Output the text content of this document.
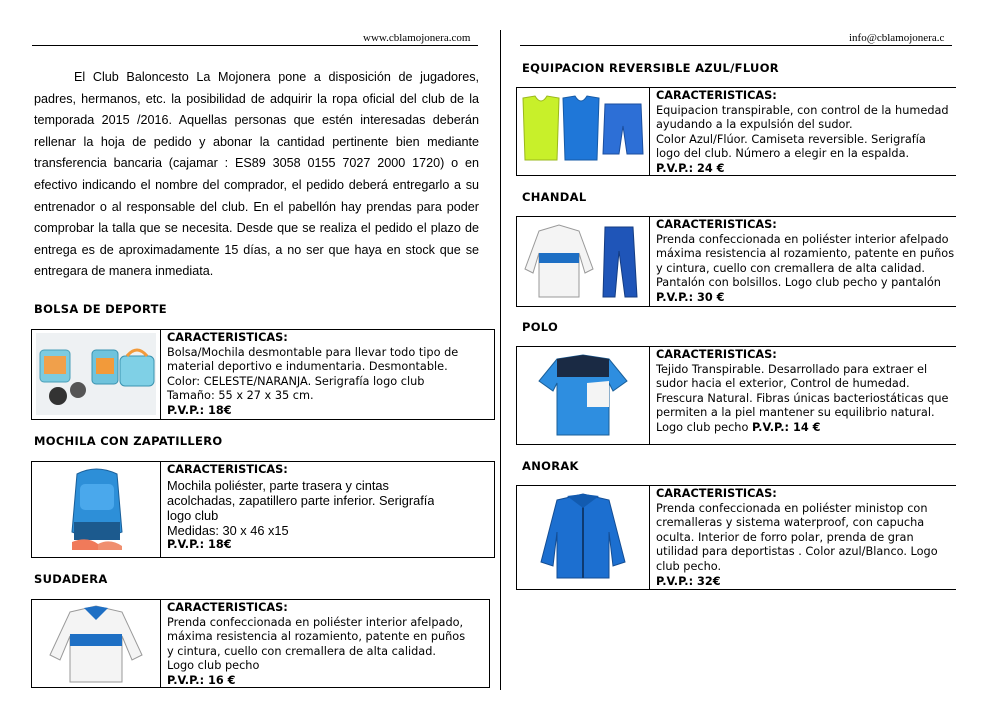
www.cblamojonera.com	info@cblamojonera.c
El Club Baloncesto La Mojonera pone a disposición de jugadores, padres, hermanos, etc. la posibilidad de adquirir la ropa oficial del club de la temporada 2015 /2016. Aquellas personas que estén interesadas deberán rellenar la hoja de pedido y abonar la cantidad pertinente bien mediante transferencia bancaria (cajamar : ES89 3058 0155 7027 2000 1720) o en efectivo indicando el nombre del comprador, el pedido deberá entregarlo a su entrenador o al responsable del club. En el pabellón hay prendas para poder comprobar la talla que se necesita. Desde que se realiza el pedido el plazo de entrega es de aproximadamente 15 días, a no ser que haya en stock que se entregara de manera inmediata.
BOLSA DE DEPORTE
CARACTERISTICAS:
Bolsa/Mochila desmontable para llevar todo tipo de
material deportivo e indumentaria. Desmontable.
Color: CELESTE/NARANJA. Serigrafía logo club
Tamaño: 55 x 27 x 35 cm.
P.V.P.: 18€
MOCHILA CON ZAPATILLERO
CARACTERISTICAS:
Mochila poliéster, parte trasera y cintas
acolchadas, zapatillero parte inferior. Serigrafía
logo club
Medidas: 30 x 46 x15
P.V.P.: 18€
SUDADERA
CARACTERISTICAS:
Prenda confeccionada en poliéster interior afelpado,
máxima resistencia al rozamiento, patente en puños
y cintura, cuello con cremallera de alta calidad.
Logo club pecho
P.V.P.: 16 €
EQUIPACION REVERSIBLE AZUL/FLUOR
CARACTERISTICAS:
Equipacion transpirable, con control de la humedad
ayudando a la expulsión del sudor.
Color Azul/Flúor. Camiseta reversible. Serigrafía
logo del club. Número a elegir en la espalda.
P.V.P.: 24 €
CHANDAL
CARACTERISTICAS:
Prenda confeccionada en poliéster interior afelpado
máxima resistencia al rozamiento, patente en puños
y cintura, cuello con cremallera de alta calidad.
Pantalón con bolsillos. Logo club pecho y pantalón
P.V.P.: 30 €
POLO
CARACTERISTICAS:
Tejido Transpirable. Desarrollado para extraer el
sudor hacia el exterior, Control de humedad.
Frescura Natural. Fibras únicas bacteriostáticas que
permiten a la piel mantener su equilibrio natural.
Logo club pecho P.V.P.: 14 €
ANORAK
CARACTERISTICAS:
Prenda confeccionada en poliéster ministop con
cremalleras y sistema waterproof, con capucha
oculta. Interior de forro polar, prenda de gran
utilidad para deportistas . Color azul/Blanco. Logo
club pecho.
P.V.P.: 32€
